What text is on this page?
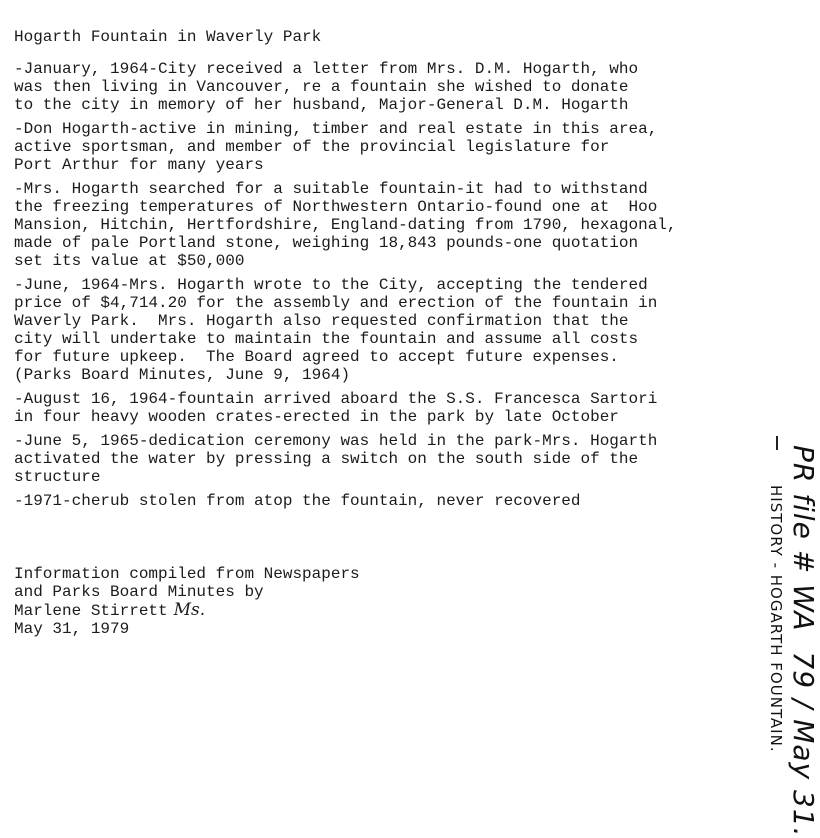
Hogarth Fountain in Waverly Park
-January, 1964-City received a letter from Mrs. D.M. Hogarth, who
was then living in Vancouver, re a fountain she wished to donate
to the city in memory of her husband, Major-General D.M. Hogarth
-Don Hogarth-active in mining, timber and real estate in this area,
active sportsman, and member of the provincial legislature for
Port Arthur for many years
-Mrs. Hogarth searched for a suitable fountain-it had to withstand
the freezing temperatures of Northwestern Ontario-found one at  Hoo
Mansion, Hitchin, Hertfordshire, England-dating from 1790, hexagonal,
made of pale Portland stone, weighing 18,843 pounds-one quotation
set its value at $50,000
-June, 1964-Mrs. Hogarth wrote to the City, accepting the tendered
price of $4,714.20 for the assembly and erection of the fountain in
Waverly Park.  Mrs. Hogarth also requested confirmation that the
city will undertake to maintain the fountain and assume all costs
for future upkeep.  The Board agreed to accept future expenses.
(Parks Board Minutes, June 9, 1964)
-August 16, 1964-fountain arrived aboard the S.S. Francesca Sartori
in four heavy wooden crates-erected in the park by late October
-June 5, 1965-dedication ceremony was held in the park-Mrs. Hogarth
activated the water by pressing a switch on the south side of the
structure
-1971-cherub stolen from atop the fountain, never recovered
Information compiled from Newspapers
and Parks Board Minutes by
Marlene Stirrett Ms.
May 31, 1979	PR file # WA  79 / May 31.
HISTORY - HOGARTH FOUNTAIN.
